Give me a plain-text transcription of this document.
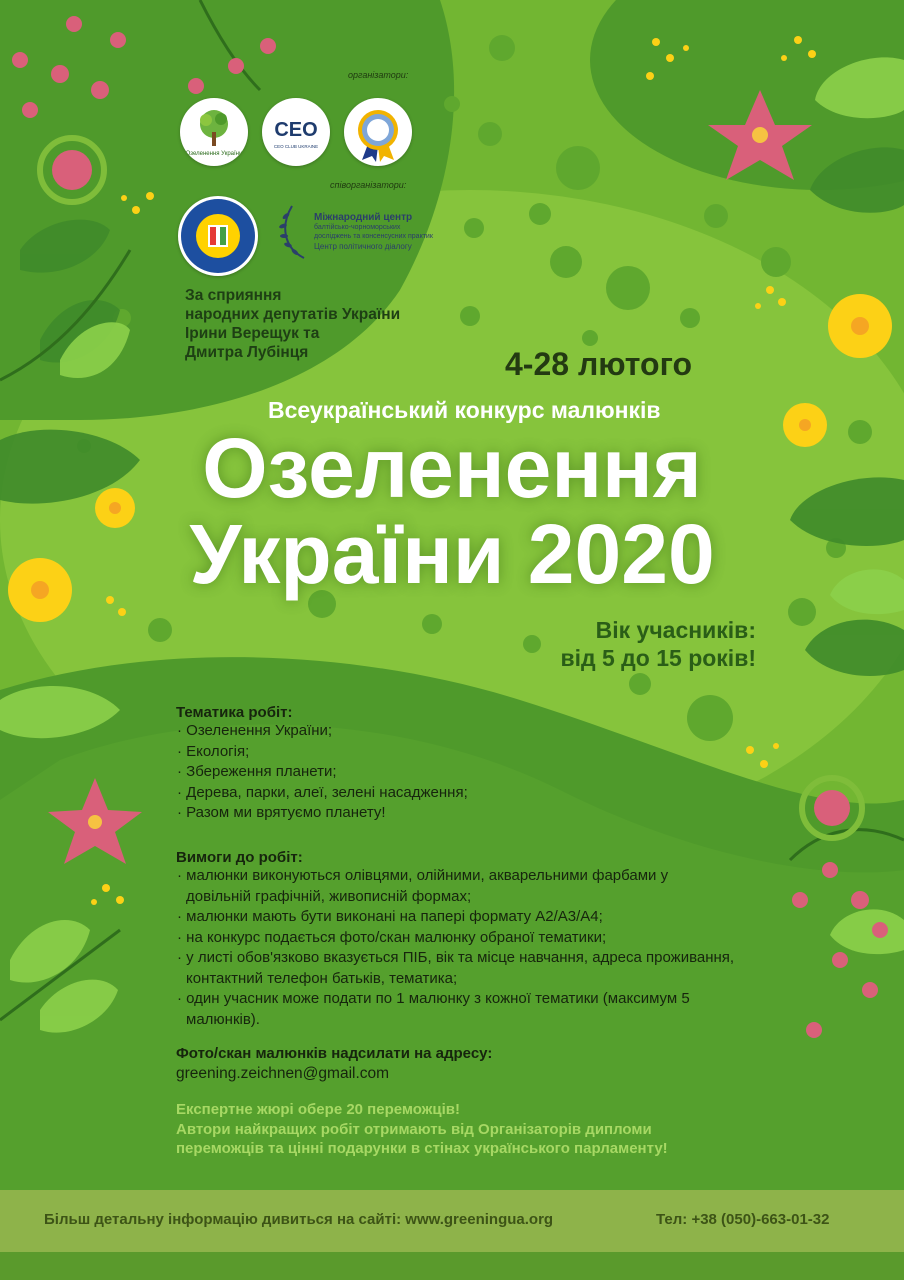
організатори:
Озеленення України
CEO
CEO CLUB UKRAINE
співорганізатори:
Міжнародний центр
балтійсько-чорноморських
досліджень та консенсусних практик
Центр політичного діалогу
За сприяння
народних депутатів України
Ірини Верещук та
Дмитра Лубінця	4-28 лютого
Всеукраїнський конкурс малюнків
Озеленення
України 2020
Вік учасників:
від 5 до 15 років!
Тематика робіт:
· Озеленення України;
· Екологія;
· Збереження планети;
· Дерева, парки, алеї, зелені насадження;
· Разом ми врятуємо планету!
Вимоги до робіт:
· малюнки виконуються олівцями, олійними, акварельними фарбами у довільній графічній, живописній формах;
· малюнки мають бути виконані на папері формату А2/А3/А4;
· на конкурс подається фото/скан малюнку обраної тематики;
· у листі обов'язково вказується ПІБ, вік та місце навчання, адреса проживання, контактний телефон батьків, тематика;
· один учасник може подати по 1 малюнку з кожної тематики (максимум 5 малюнків).
Фото/скан малюнків надсилати на адресу:
greening.zeichnen@gmail.com
Експертне жюрі обере 20 переможців!
Автори найкращих робіт отримають від Організаторів дипломи
переможців та цінні подарунки в стінах українського парламенту!
Більш детальну інформацію дивиться на сайті: www.greeningua.org	Тел: +38 (050)-663-01-32
